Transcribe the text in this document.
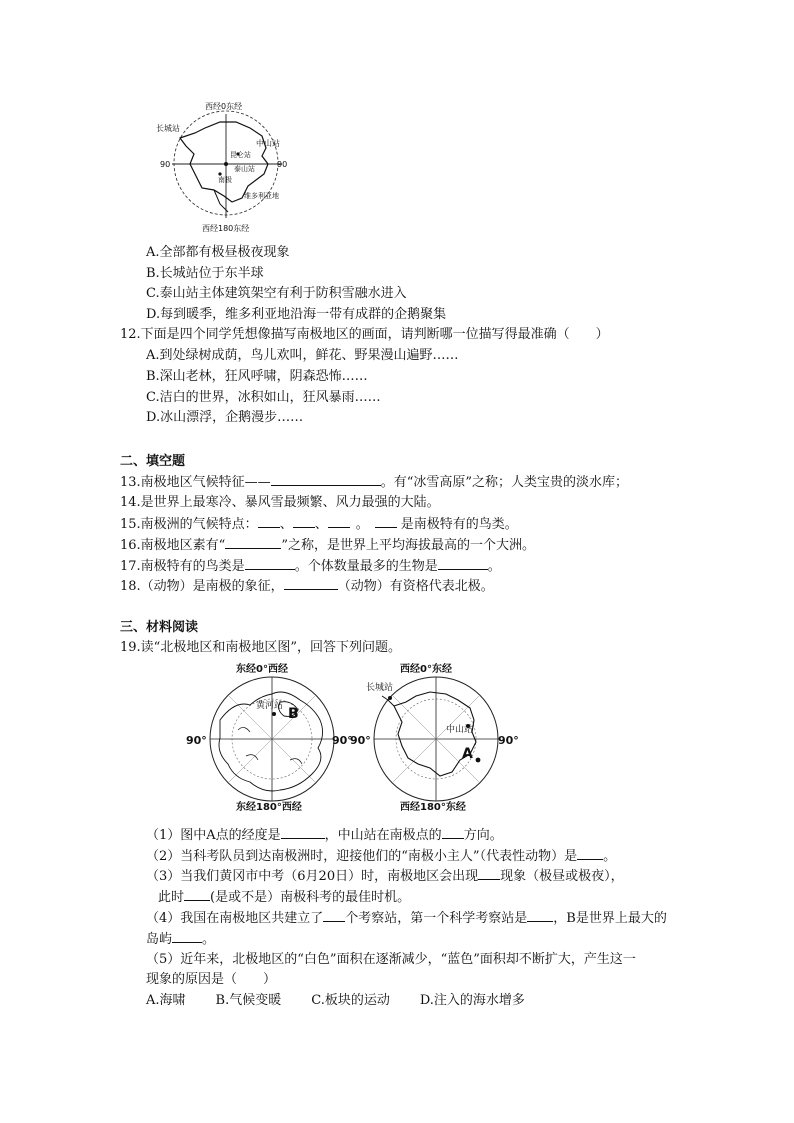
西经0东经
西经180东经
90	90
长城站
中山站
昆仑站
泰山站
南极
维多利亚地
A.全部都有极昼极夜现象
B.长城站位于东半球
C.泰山站主体建筑架空有利于防积雪融水进入
D.每到暖季，维多利亚地沿海一带有成群的企鹅聚集
12.下面是四个同学凭想像描写南极地区的画面，请判断哪一位描写得最准确（　　）
A.到处绿树成荫，鸟儿欢叫，鲜花、野果漫山遍野……
B.深山老林，狂风呼啸，阴森恐怖……
C.洁白的世界，冰积如山，狂风暴雨……
D.冰山漂浮，企鹅漫步……
二、填空题
13.南极地区气候特征——	。有“冰雪高原”之称；人类宝贵的淡水库；
14.是世界上最寒冷、暴风雪最频繁、风力最强的大陆。
15.南极洲的气候特点： 、 、 。 是南极特有的鸟类。
16.南极地区素有“	”之称，是世界上平均海拔最高的一个大洲。
17.南极特有的鸟类是	。个体数量最多的生物是	。
18.（动物）是南极的象征，	（动物）有资格代表北极。
三、材料阅读
19.读“北极地区和南极地区图”，回答下列问题。
东经0°西经
东经180°西经
90°	90°
黄河站 B
西经0°东经
西经180°东经
90°	90°
长城站
中山站
A
（1）图中A点的经度是	，中山站在南极点的 方向。
（2）当科考队员到达南极洲时，迎接他们的“南极小主人”（代表性动物）是 。
（3）当我们黄冈市中考（6月20日）时，南极地区会出现 现象（极昼或极夜），
此时 (是或不是）南极科考的最佳时机。
（4）我国在南极地区共建立了 个考察站，第一个科学考察站是 ，B是世界上最大的
岛屿 。
（5）近年来，北极地区的“白色”面积在逐渐减少，“蓝色”面积却不断扩大，产生这一
现象的原因是（　　）
A.海啸 B.气候变暖 C.板块的运动 D.注入的海水增多
